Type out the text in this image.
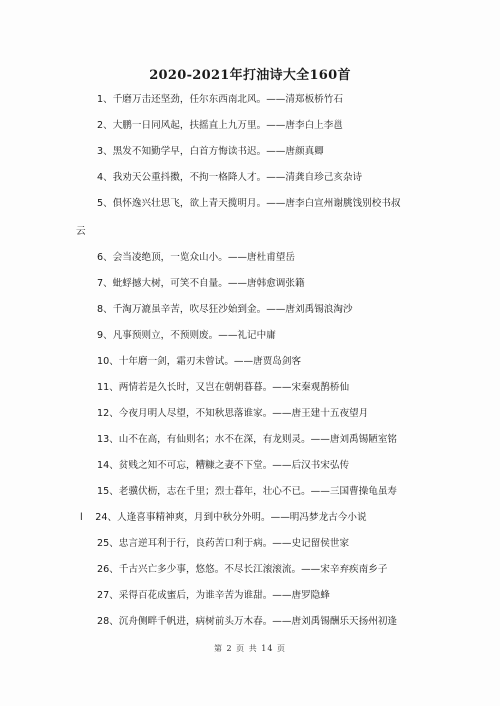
2020-2021年打油诗大全160首
1、千磨万击还坚劲，任尔东西南北风。——清郑板桥竹石
2、大鹏一日同风起，扶摇直上九万里。——唐李白上李邕
3、黑发不知勤学早，白首方悔读书迟。——唐颜真卿
4、我劝天公重抖擞，不拘一格降人才。——清龚自珍己亥杂诗
5、俱怀逸兴壮思飞，欲上青天揽明月。——唐李白宣州谢朓饯别校书叔
云
6、会当凌绝顶，一览众山小。——唐杜甫望岳
7、蚍蜉撼大树，可笑不自量。——唐韩愈调张籍
8、千淘万漉虽辛苦，吹尽狂沙始到金。——唐刘禹锡浪淘沙
9、凡事预则立，不预则废。——礼记中庸
10、十年磨一剑，霜刃未曾试。——唐贾岛剑客
11、两情若是久长时，又岂在朝朝暮暮。——宋秦观鹊桥仙
12、今夜月明人尽望，不知秋思落谁家。——唐王建十五夜望月
13、山不在高，有仙则名；水不在深，有龙则灵。——唐刘禹锡陋室铭
14、贫贱之知不可忘，糟糠之妻不下堂。——后汉书宋弘传
15、老骥伏枥，志在千里；烈士暮年，壮心不已。——三国曹操龟虽寿
l　 24、人逢喜事精神爽，月到中秋分外明。——明冯梦龙古今小说
25、忠言逆耳利于行，良药苦口利于病。——史记留侯世家
26、千古兴亡多少事，悠悠。不尽长江滚滚流。——宋辛弃疾南乡子
27、采得百花成蜜后，为谁辛苦为谁甜。——唐罗隐蜂
28、沉舟侧畔千帆进，病树前头万木春。——唐刘禹锡酬乐天扬州初逢
第 2 页 共 14 页
